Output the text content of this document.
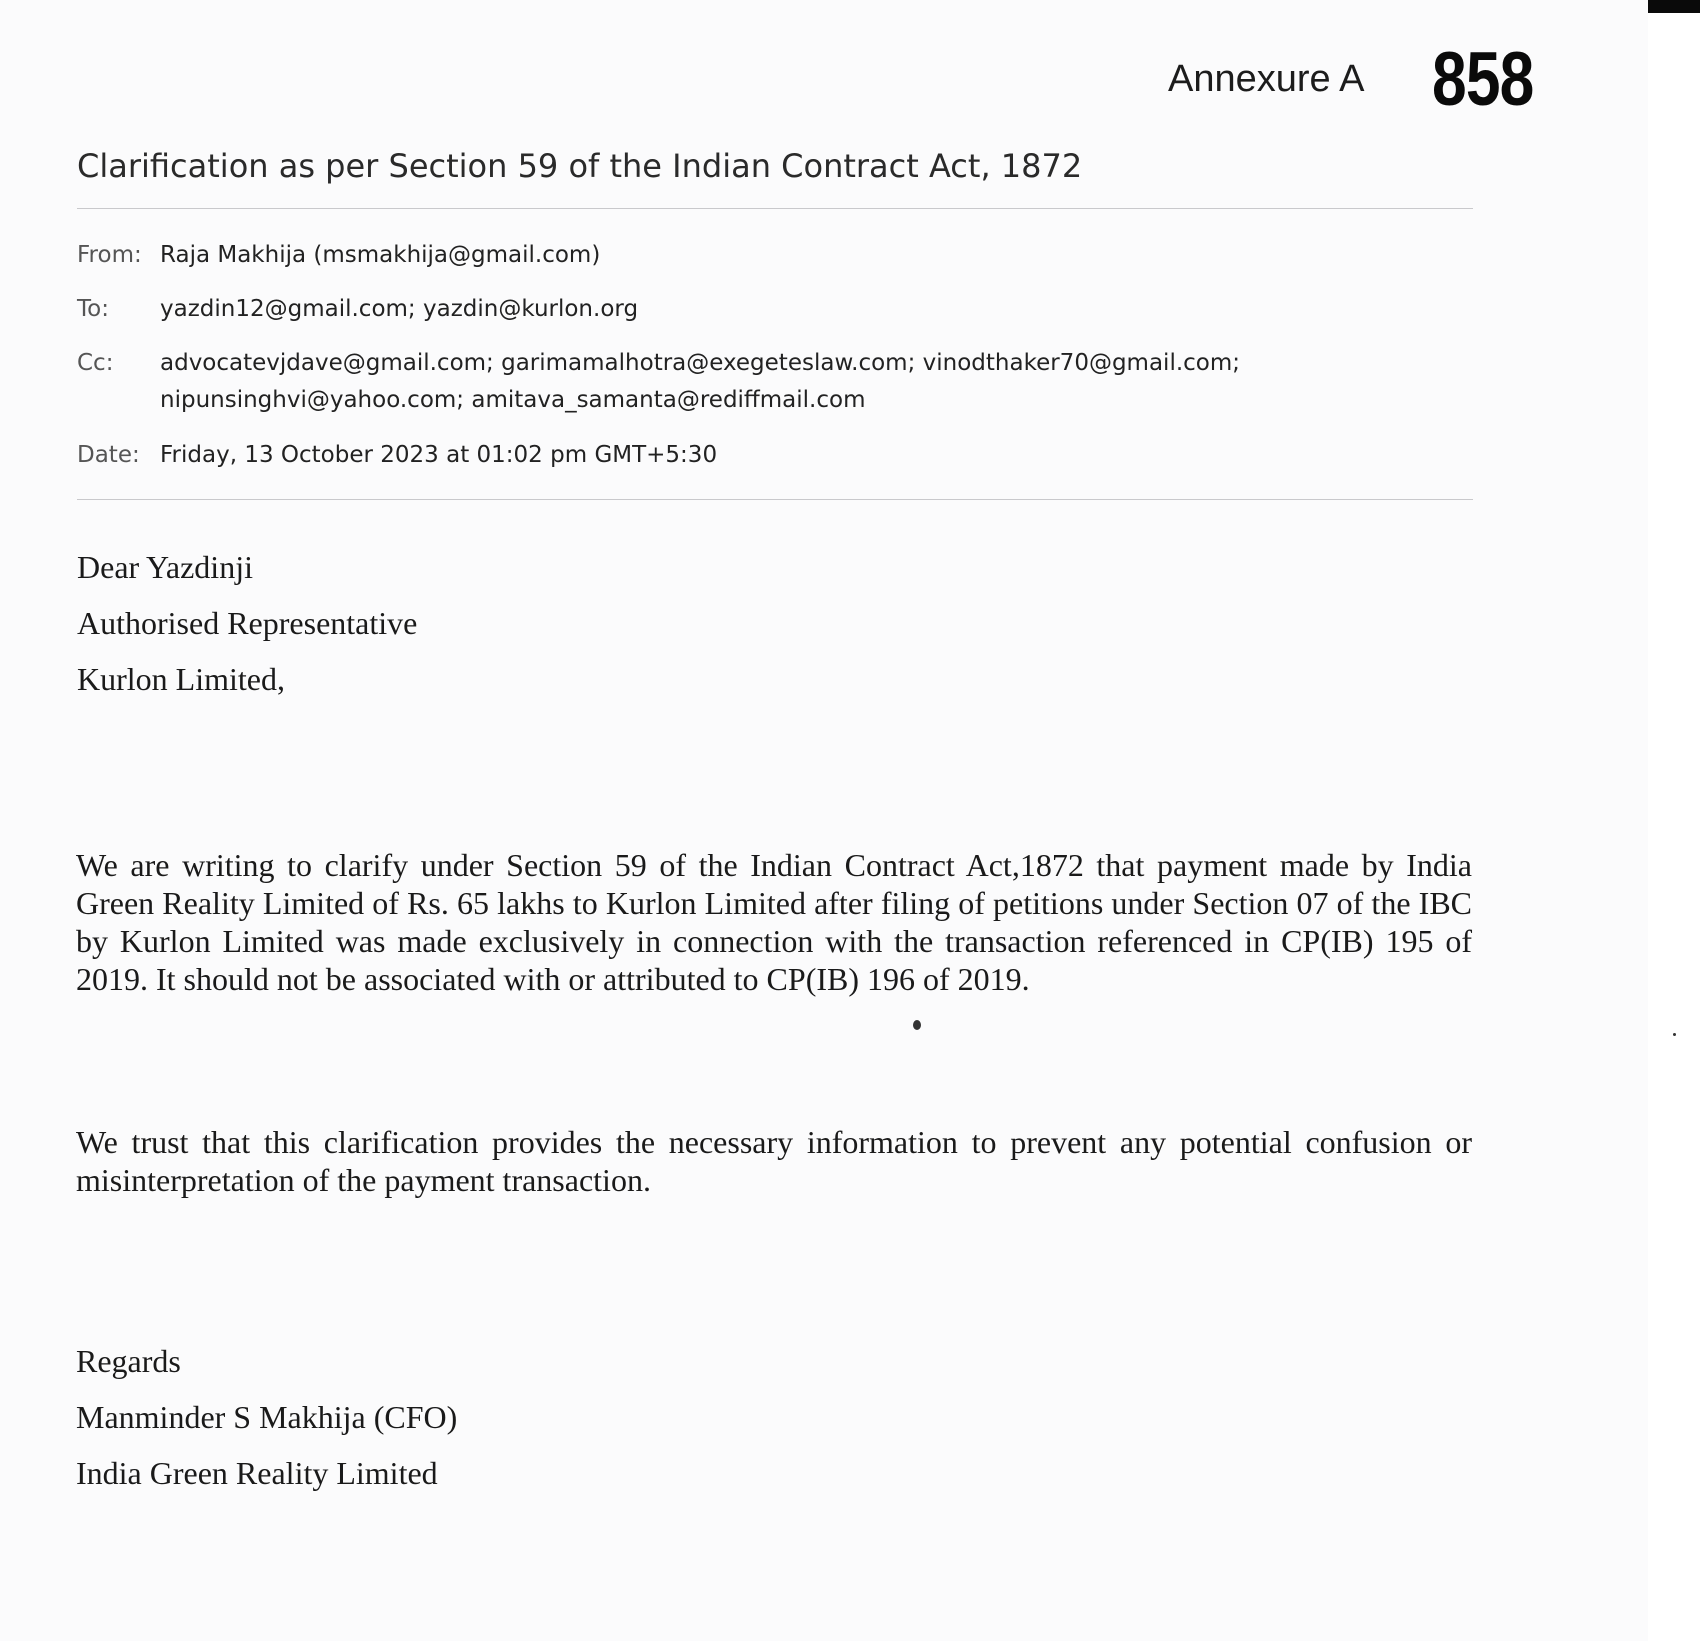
Annexure A 858
Clarification as per Section 59 of the Indian Contract Act, 1872
From: Raja Makhija (msmakhija@gmail.com)
To: yazdin12@gmail.com; yazdin@kurlon.org
Cc: advocatevjdave@gmail.com; garimamalhotra@exegeteslaw.com; vinodthaker70@gmail.com;
nipunsinghvi@yahoo.com; amitava_samanta@rediffmail.com
Date: Friday, 13 October 2023 at 01:02 pm GMT+5:30
Dear Yazdinji
Authorised Representative
Kurlon Limited,
We are writing to clarify under Section 59 of the Indian Contract Act,1872 that payment made by India Green Reality Limited of Rs. 65 lakhs to Kurlon Limited after filing of petitions under Section 07 of the IBC by Kurlon Limited was made exclusively in connection with the transaction referenced in CP(IB) 195 of 2019. It should not be associated with or attributed to CP(IB) 196 of 2019.
We trust that this clarification provides the necessary information to prevent any potential confusion or misinterpretation of the payment transaction.
Regards
Manminder S Makhija (CFO)
India Green Reality Limited
